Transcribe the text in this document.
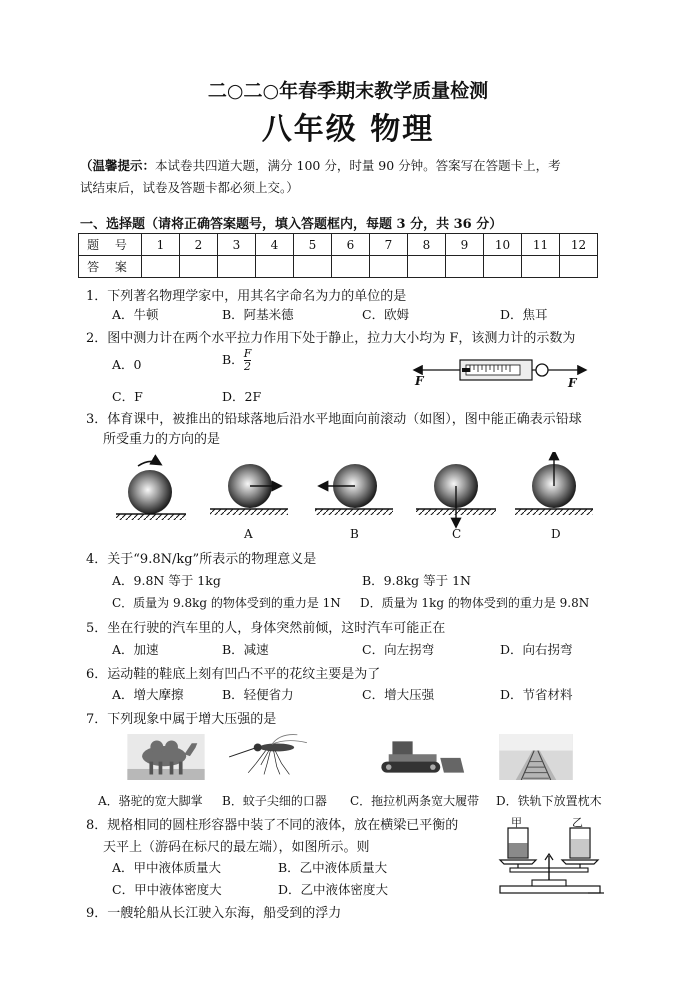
二○二○年春季期末教学质量检测
八年级 物理
（温馨提示：本试卷共四道大题，满分 100 分，时量 90 分钟。答案写在答题卡上，考
试结束后，试卷及答题卡都必须上交。）
一、选择题（请将正确答案题号，填入答题框内，每题 3 分，共 36 分）
题 号	1	2	3	4	5	6	7	8	9	10	11	12
答 案												
1．下列著名物理学家中，用其名字命名为力的单位的是
A．牛顿	B．阿基米德	C．欧姆	D．焦耳
2．图中测力计在两个水平拉力作用下处于静止，拉力大小均为 F，该测力计的示数为
A．0	B． $\frac{F}{2}$
C．F	D．2F
F	F
3．体育课中，被推出的铅球落地后沿水平地面向前滚动（如图），图中能正确表示铅球
所受重力的方向的是
A	B	C	D
4．关于“9.8N/kg”所表示的物理意义是
A．9.8N 等于 1kg	B．9.8kg 等于 1N
C．质量为 9.8kg 的物体受到的重力是 1N D．质量为 1kg 的物体受到的重力是 9.8N
5．坐在行驶的汽车里的人，身体突然前倾，这时汽车可能正在
A．加速	B．减速	C．向左拐弯	D．向右拐弯
6．运动鞋的鞋底上刻有凹凸不平的花纹主要是为了
A．增大摩擦	B．轻便省力	C．增大压强	D．节省材料
7．下列现象中属于增大压强的是
A．骆驼的宽大脚掌 B．蚊子尖细的口器 C．拖拉机两条宽大履带 D．铁轨下放置枕木
8．规格相同的圆柱形容器中装了不同的液体，放在横梁已平衡的
天平上（游码在标尺的最左端），如图所示。则
A．甲中液体质量大	B．乙中液体质量大
C．甲中液体密度大	D．乙中液体密度大
甲	乙
9．一艘轮船从长江驶入东海，船受到的浮力
